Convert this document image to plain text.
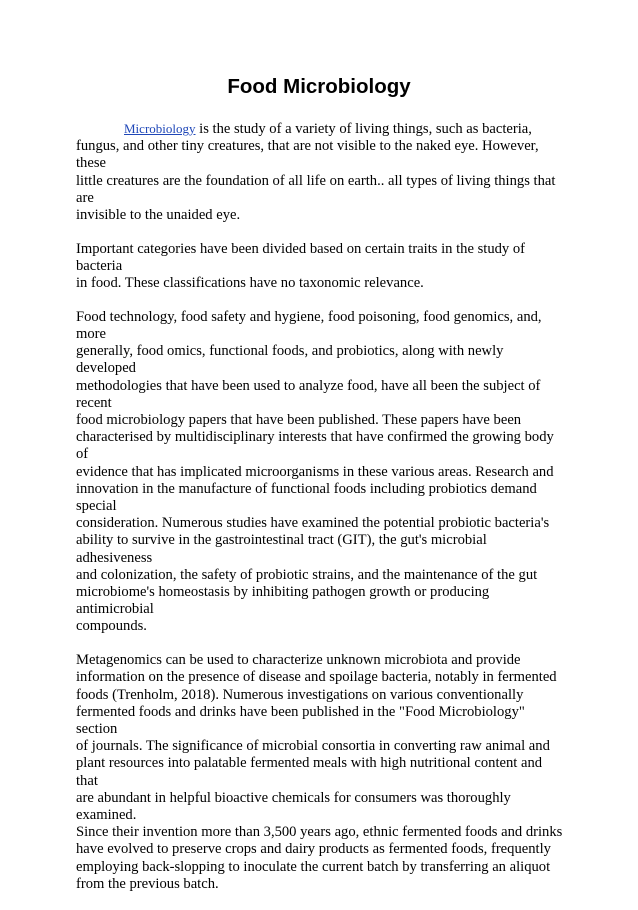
Food Microbiology

Microbiology is the study of a variety of living things, such as bacteria,
fungus, and other tiny creatures, that are not visible to the naked eye. However, these
little creatures are the foundation of all life on earth.. all types of living things that are
invisible to the unaided eye.

Important categories have been divided based on certain traits in the study of bacteria
in food. These classifications have no taxonomic relevance.

Food technology, food safety and hygiene, food poisoning, food genomics, and, more
generally, food omics, functional foods, and probiotics, along with newly developed
methodologies that have been used to analyze food, have all been the subject of recent
food microbiology papers that have been published. These papers have been
characterised by multidisciplinary interests that have confirmed the growing body of
evidence that has implicated microorganisms in these various areas. Research and
innovation in the manufacture of functional foods including probiotics demand special
consideration. Numerous studies have examined the potential probiotic bacteria's
ability to survive in the gastrointestinal tract (GIT), the gut's microbial adhesiveness
and colonization, the safety of probiotic strains, and the maintenance of the gut
microbiome's homeostasis by inhibiting pathogen growth or producing antimicrobial
compounds.

Metagenomics can be used to characterize unknown microbiota and provide
information on the presence of disease and spoilage bacteria, notably in fermented
foods (Trenholm, 2018). Numerous investigations on various conventionally
fermented foods and drinks have been published in the "Food Microbiology" section
of journals. The significance of microbial consortia in converting raw animal and
plant resources into palatable fermented meals with high nutritional content and that
are abundant in helpful bioactive chemicals for consumers was thoroughly examined.
Since their invention more than 3,500 years ago, ethnic fermented foods and drinks
have evolved to preserve crops and dairy products as fermented foods, frequently
employing back-slopping to inoculate the current batch by transferring an aliquot
from the previous batch.
